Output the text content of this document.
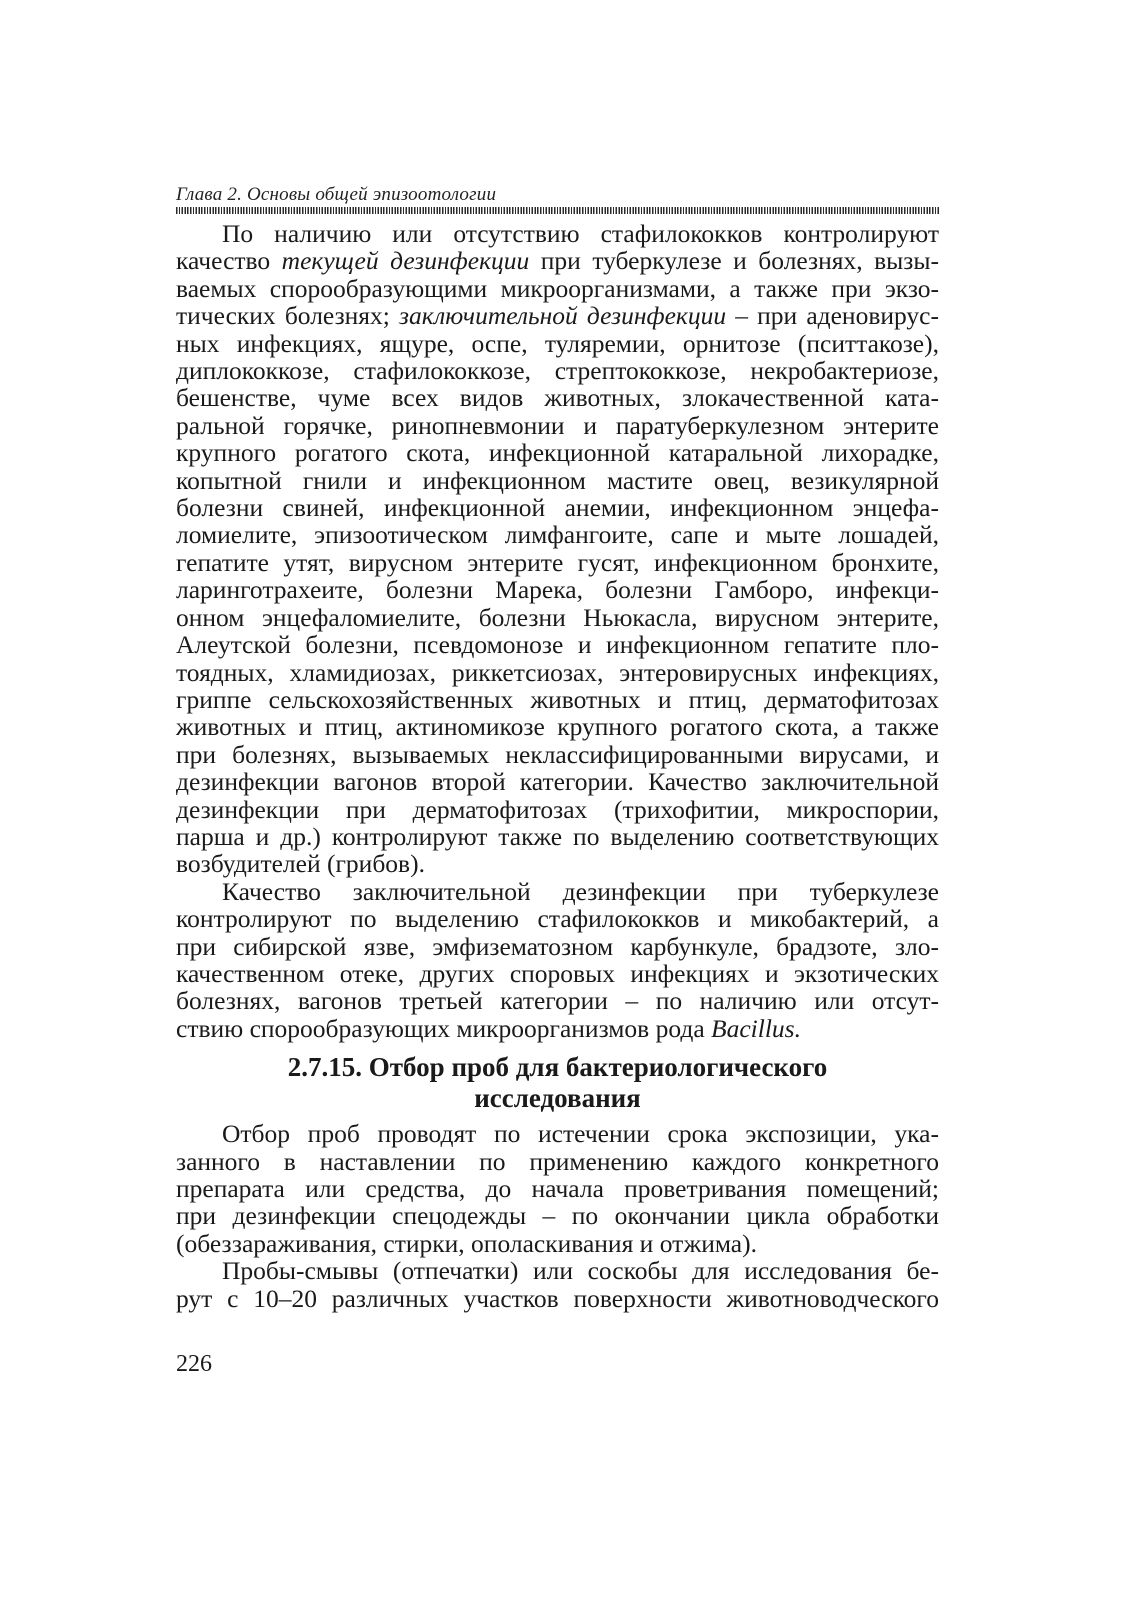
Глава 2. Основы общей эпизоотологии

По наличию или отсутствию стафилококков контролируют
качество текущей дезинфекции при туберкулезе и болезнях, вызы-
ваемых спорообразующими микроорганизмами, а также при экзо-
тических болезнях; заключительной дезинфекции – при аденовирус-
ных инфекциях, ящуре, оспе, туляремии, орнитозе (пситтакозе),
диплококкозе, стафилококкозе, стрептококкозе, некробактериозе,
бешенстве, чуме всех видов животных, злокачественной ката-
ральной горячке, ринопневмонии и паратуберкулезном энтерите
крупного рогатого скота, инфекционной катаральной лихорадке,
копытной гнили и инфекционном мастите овец, везикулярной
болезни свиней, инфекционной анемии, инфекционном энцефа-
ломиелите, эпизоотическом лимфангоите, сапе и мыте лошадей,
гепатите утят, вирусном энтерите гусят, инфекционном бронхите,
ларинготрахеите, болезни Марека, болезни Гамборо, инфекци-
онном энцефаломиелите, болезни Ньюкасла, вирусном энтерите,
Алеутской болезни, псевдомонозе и инфекционном гепатите пло-
тоядных, хламидиозах, риккетсиозах, энтеровирусных инфекциях,
гриппе сельскохозяйственных животных и птиц, дерматофитозах
животных и птиц, актиномикозе крупного рогатого скота, а также
при болезнях, вызываемых неклассифицированными вирусами, и
дезинфекции вагонов второй категории. Качество заключительной
дезинфекции при дерматофитозах (трихофитии, микроспории,
парша и др.) контролируют также по выделению соответствующих
возбудителей (грибов).

Качество заключительной дезинфекции при туберкулезе
контролируют по выделению стафилококков и микобактерий, а
при сибирской язве, эмфизематозном карбункуле, брадзоте, зло-
качественном отеке, других споровых инфекциях и экзотических
болезнях, вагонов третьей категории – по наличию или отсут-
ствию спорообразующих микроорганизмов рода Bacillus.

2.7.15. Отбор проб для бактериологического
исследования

Отбор проб проводят по истечении срока экспозиции, ука-
занного в наставлении по применению каждого конкретного
препарата или средства, до начала проветривания помещений;
при дезинфекции спецодежды – по окончании цикла обработки
(обеззараживания, стирки, ополаскивания и отжима).

Пробы-смывы (отпечатки) или соскобы для исследования бе-
рут с 10–20 различных участков поверхности животноводческого

226
